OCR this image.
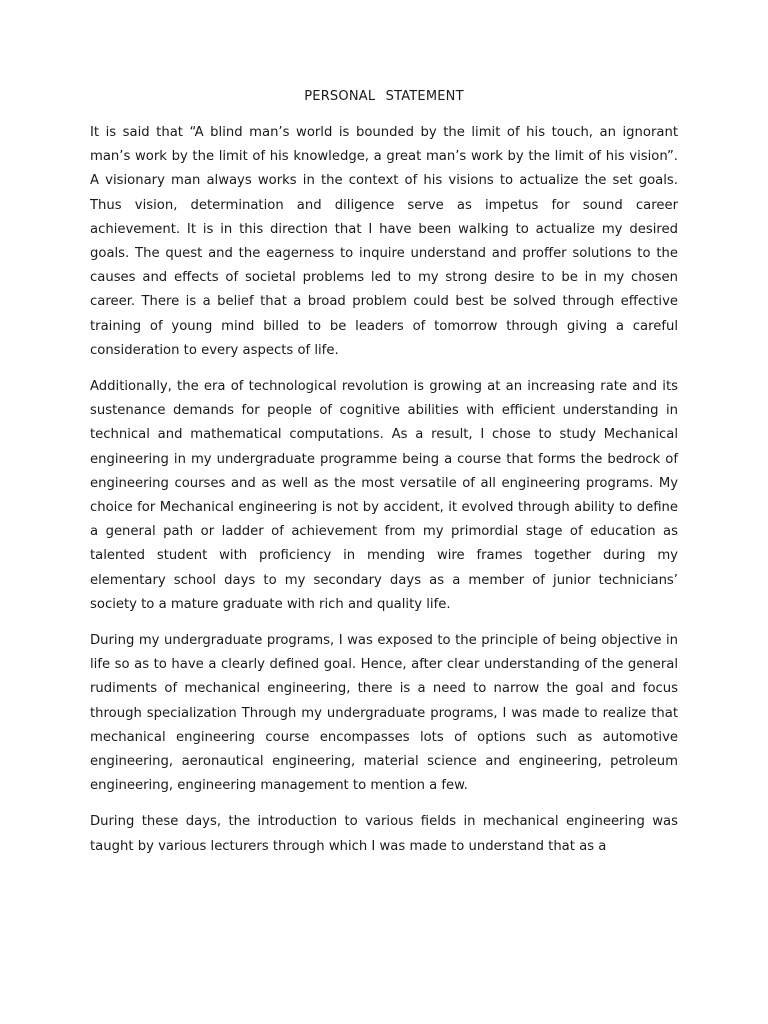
PERSONAL STATEMENT

It is said that “A blind man’s world is bounded by the limit of his touch, an ignorant man’s work by the limit of his knowledge, a great man’s work by the limit of his vision”. A visionary man always works in the context of his visions to actualize the set goals. Thus vision, determination and diligence serve as impetus for sound career achievement. It is in this direction that I have been walking to actualize my desired goals. The quest and the eagerness to inquire understand and proffer solutions to the causes and effects of societal problems led to my strong desire to be in my chosen career. There is a belief that a broad problem could best be solved through effective training of young mind billed to be leaders of tomorrow through giving a careful consideration to every aspects of life.

Additionally, the era of technological revolution is growing at an increasing rate and its sustenance demands for people of cognitive abilities with efficient understanding in technical and mathematical computations. As a result, I chose to study Mechanical engineering in my undergraduate programme being a course that forms the bedrock of engineering courses and as well as the most versatile of all engineering programs. My choice for Mechanical engineering is not by accident, it evolved through ability to define a general path or ladder of achievement from my primordial stage of education as talented student with proficiency in mending wire frames together during my elementary school days to my secondary days as a member of junior technicians’ society to a mature graduate with rich and quality life.

During my undergraduate programs, I was exposed to the principle of being objective in life so as to have a clearly defined goal. Hence, after clear understanding of the general rudiments of mechanical engineering, there is a need to narrow the goal and focus through specialization Through my undergraduate programs, I was made to realize that mechanical engineering course encompasses lots of options such as automotive engineering, aeronautical engineering, material science and engineering, petroleum engineering, engineering management to mention a few.

During these days, the introduction to various fields in mechanical engineering was taught by various lecturers through which I was made to understand that as a
